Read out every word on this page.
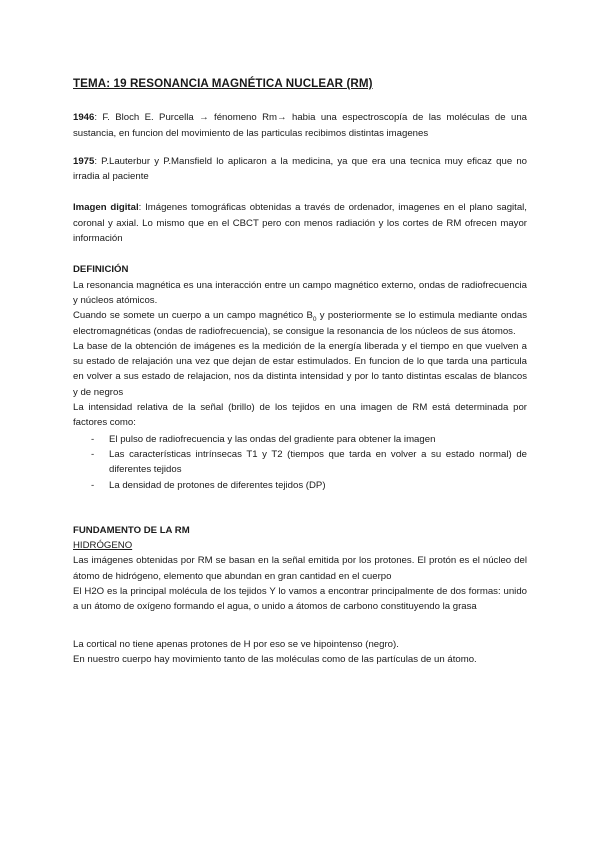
TEMA: 19 RESONANCIA MAGNÉTICA NUCLEAR (RM)

1946: F. Bloch E. Purcella → fénomeno Rm→ habia una espectroscopía de las moléculas de una sustancia, en funcion del movimiento de las particulas recibimos distintas imagenes

1975: P.Lauterbur y P.Mansfield lo aplicaron a la medicina, ya que era una tecnica muy eficaz que no irradia al paciente

Imagen digital: Imágenes tomográficas obtenidas a través de ordenador, imagenes en el plano sagital, coronal y axial. Lo mismo que en el CBCT pero con menos radiación y los cortes de RM ofrecen mayor información

DEFINICIÓN

La resonancia magnética es una interacción entre un campo magnético externo, ondas de radiofrecuencia y núcleos atómicos.

Cuando se somete un cuerpo a un campo magnético $B_0$ y posteriormente se lo estimula mediante ondas electromagnéticas (ondas de radiofrecuencia), se consigue la resonancia de los núcleos de sus átomos.

La base de la obtención de imágenes es la medición de la energía liberada y el tiempo en que vuelven a su estado de relajación una vez que dejan de estar estimulados. En funcion de lo que tarda una particula en volver a sus estado de relajacion, nos da distinta intensidad y por lo tanto distintas escalas de blancos y de negros

La intensidad relativa de la señal (brillo) de los tejidos en una imagen de RM está determinada por factores como:

- El pulso de radiofrecuencia y las ondas del gradiente para obtener la imagen
- Las características intrínsecas T1 y T2 (tiempos que tarda en volver a su estado normal) de diferentes tejidos
- La densidad de protones de diferentes tejidos (DP)
FUNDAMENTO DE LA RM
HIDRÓGENO

Las imágenes obtenidas por RM se basan en la señal emitida por los protones. El protón es el núcleo del átomo de hidrógeno, elemento que abundan en gran cantidad en el cuerpo

El H2O es la principal molécula de los tejidos Y lo vamos a encontrar principalmente de dos formas: unido a un átomo de oxígeno formando el agua, o unido a átomos de carbono constituyendo la grasa

La cortical no tiene apenas protones de H por eso se ve hipointenso (negro).

En nuestro cuerpo hay movimiento tanto de las moléculas como de las partículas de un átomo.
